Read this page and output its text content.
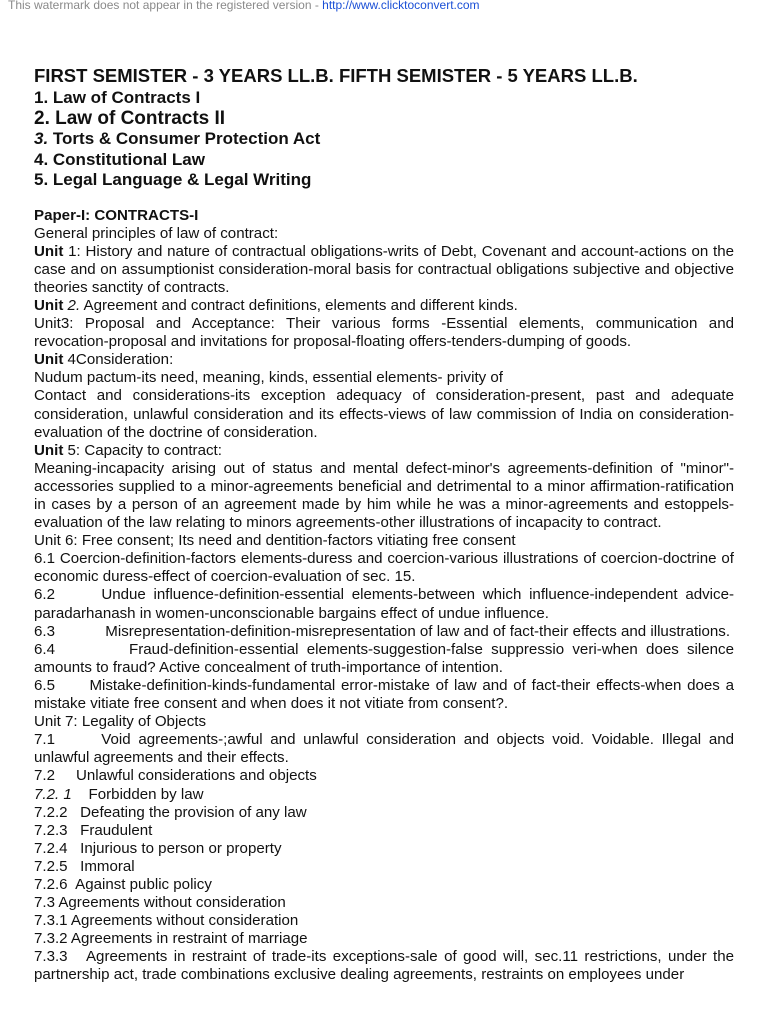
This watermark does not appear in the registered version - http://www.clicktoconvert.com
FIRST SEMISTER - 3 YEARS LL.B. FIFTH SEMISTER - 5 YEARS LL.B.
1. Law of Contracts I
2. Law of Contracts II
3. Torts & Consumer Protection Act
4. Constitutional Law
5. Legal Language & Legal Writing
Paper-I: CONTRACTS-I
General principles of law of contract:
Unit 1: History and nature of contractual obligations-writs of Debt, Covenant and account-actions on the case and on assumptionist consideration-moral basis for contractual obligations subjective and objective theories sanctity of contracts.
Unit 2. Agreement and contract definitions, elements and different kinds.
Unit3: Proposal and Acceptance: Their various forms -Essential elements, communication and revocation-proposal and invitations for proposal-floating offers-tenders-dumping of goods.
Unit 4Consideration:
Nudum pactum-its need, meaning, kinds, essential elements- privity of
Contact and considerations-its exception adequacy of consideration-present, past and adequate consideration, unlawful consideration and its effects-views of law commission of India on consideration-evaluation of the doctrine of consideration.
Unit 5: Capacity to contract:
Meaning-incapacity arising out of status and mental defect-minor's agreements-definition of "minor"-accessories supplied to a minor-agreements beneficial and detrimental to a minor affirmation-ratification in cases by a person of an agreement made by him while he was a minor-agreements and estoppels-evaluation of the law relating to minors agreements-other illustrations of incapacity to contract.
Unit 6: Free consent; Its need and dentition-factors vitiating free consent
6.1 Coercion-definition-factors elements-duress and coercion-various illustrations of coercion-doctrine of economic duress-effect of coercion-evaluation of sec. 15.
6.2      Undue influence-definition-essential elements-between which influence-independent advice-paradarhanash in women-unconscionable bargains effect of undue influence.
6.3            Misrepresentation-definition-misrepresentation of law and of fact-their effects and illustrations.
6.4         Fraud-definition-essential elements-suggestion-false suppressio veri-when does silence amounts to fraud? Active concealment of truth-importance of intention.
6.5      Mistake-definition-kinds-fundamental error-mistake of law and of fact-their effects-when does a mistake vitiate free consent and when does it not vitiate from consent?.
Unit 7: Legality of Objects
7.1      Void agreements-;awful and unlawful consideration and objects void. Voidable. Illegal and unlawful agreements and their effects.
7.2     Unlawful considerations and objects
7.2. 1    Forbidden by law
7.2.2   Defeating the provision of any law
7.2.3   Fraudulent
7.2.4   Injurious to person or property
7.2.5   Immoral
7.2.6  Against public policy
7.3 Agreements without consideration
7.3.1 Agreements without consideration
7.3.2 Agreements in restraint of marriage
7.3.3   Agreements in restraint of trade-its exceptions-sale of good will, sec.11 restrictions, under the partnership act, trade combinations exclusive dealing agreements, restraints on employees under
